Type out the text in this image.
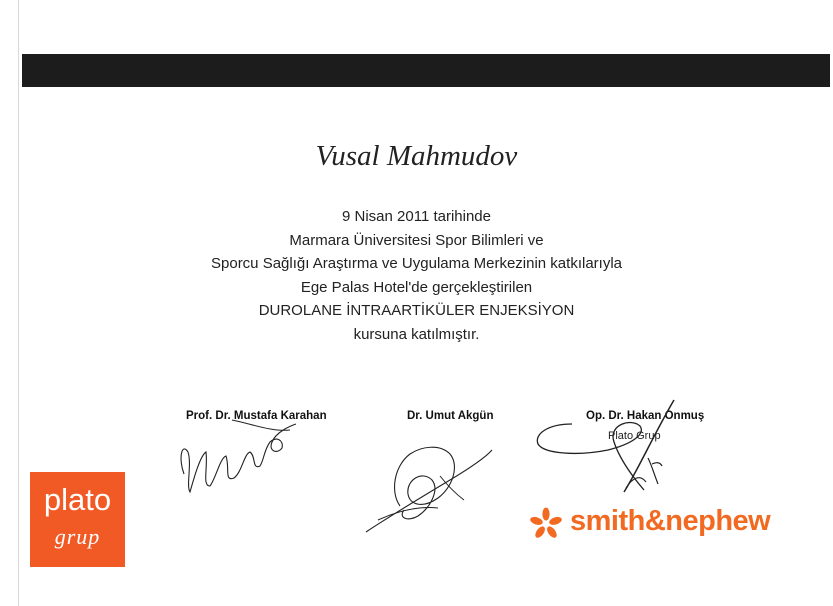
Vusal Mahmudov
9 Nisan 2011 tarihinde
Marmara Üniversitesi Spor Bilimleri ve
Sporcu Sağlığı Araştırma ve Uygulama Merkezinin katkılarıyla
Ege Palas Hotel'de gerçekleştirilen
DUROLANE İNTRAARTİKÜLER ENJEKSİYON
kursuna katılmıştır.
Prof. Dr. Mustafa Karahan	Dr. Umut Akgün	Op. Dr. Hakan Onmuş
Plato Grup
plato
grup	smith&nephew
